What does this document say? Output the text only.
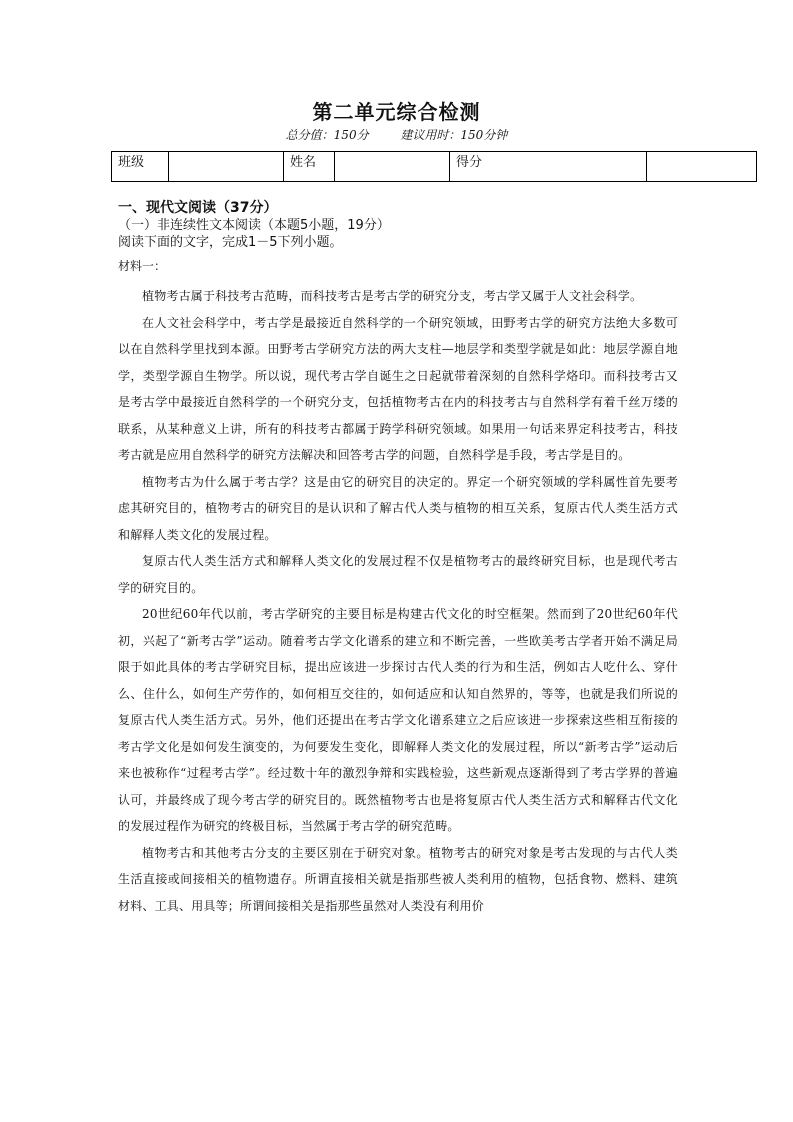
第二单元综合检测
总分值：150分	建议用时：150分钟
班级		姓名		得分	
一、现代文阅读（37分）
（一）非连续性文本阅读（本题5小题，19分）
阅读下面的文字，完成1－5下列小题。
材料一：

植物考古属于科技考古范畴，而科技考古是考古学的研究分支，考古学又属于人文社会科学。

在人文社会科学中，考古学是最接近自然科学的一个研究领域，田野考古学的研究方法绝大多数可以在自然科学里找到本源。田野考古学研究方法的两大支柱—地层学和类型学就是如此：地层学源自地学，类型学源自生物学。所以说，现代考古学自诞生之日起就带着深刻的自然科学烙印。而科技考古又是考古学中最接近自然科学的一个研究分支，包括植物考古在内的科技考古与自然科学有着千丝万缕的联系，从某种意义上讲，所有的科技考古都属于跨学科研究领域。如果用一句话来界定科技考古，科技考古就是应用自然科学的研究方法解决和回答考古学的问题，自然科学是手段，考古学是目的。

植物考古为什么属于考古学？这是由它的研究目的决定的。界定一个研究领域的学科属性首先要考虑其研究目的，植物考古的研究目的是认识和了解古代人类与植物的相互关系，复原古代人类生活方式和解释人类文化的发展过程。

复原古代人类生活方式和解释人类文化的发展过程不仅是植物考古的最终研究目标，也是现代考古学的研究目的。

20世纪60年代以前，考古学研究的主要目标是构建古代文化的时空框架。然而到了20世纪60年代初，兴起了“新考古学”运动。随着考古学文化谱系的建立和不断完善，一些欧美考古学者开始不满足局限于如此具体的考古学研究目标，提出应该进一步探讨古代人类的行为和生活，例如古人吃什么、穿什么、住什么，如何生产劳作的，如何相互交往的，如何适应和认知自然界的，等等，也就是我们所说的复原古代人类生活方式。另外，他们还提出在考古学文化谱系建立之后应该进一步探索这些相互衔接的考古学文化是如何发生演变的，为何要发生变化，即解释人类文化的发展过程，所以“新考古学”运动后来也被称作“过程考古学”。经过数十年的激烈争辩和实践检验，这些新观点逐渐得到了考古学界的普遍认可，并最终成了现今考古学的研究目的。既然植物考古也是将复原古代人类生活方式和解释古代文化的发展过程作为研究的终极目标，当然属于考古学的研究范畴。

植物考古和其他考古分支的主要区别在于研究对象。植物考古的研究对象是考古发现的与古代人类生活直接或间接相关的植物遗存。所谓直接相关就是指那些被人类利用的植物，包括食物、燃料、建筑材料、工具、用具等；所谓间接相关是指那些虽然对人类没有利用价
